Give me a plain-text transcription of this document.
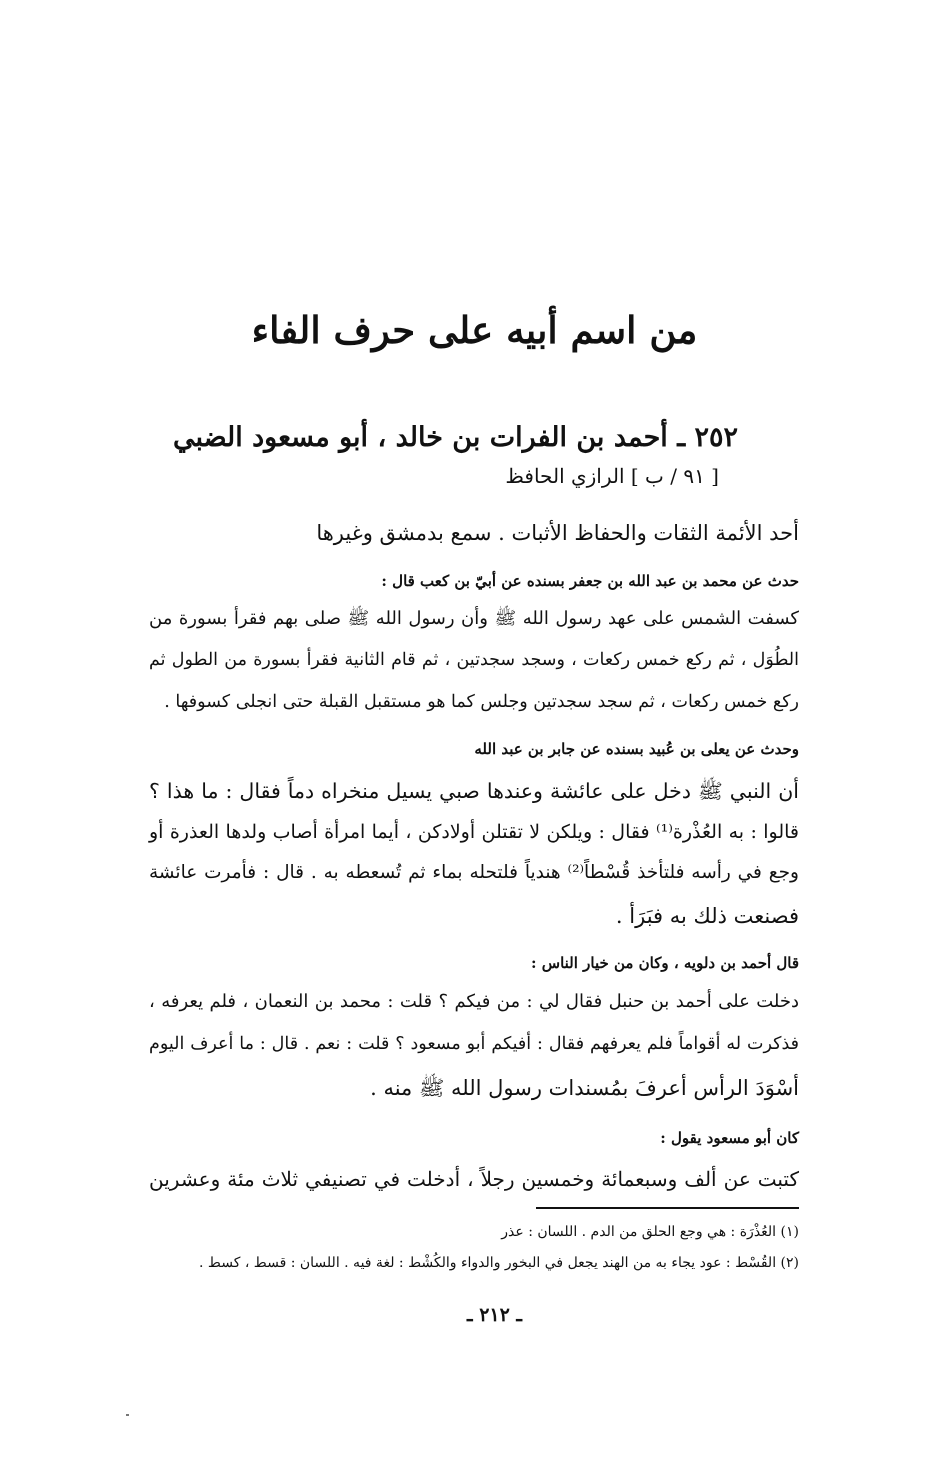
من اسم أبيه على حرف الفاء
٢٥٢ ـ أحمد بن الفرات بن خالد ، أبو مسعود الضبي
[ ٩١ / ب ] الرازي الحافظ
أحد الأئمة الثقات والحفاظ الأثبات . سمع بدمشق وغيرها
حدث عن محمد بن عبد الله بن جعفر بسنده عن أبيّ بن كعب قال :
كسفت الشمس على عهد رسول الله ﷺ وأن رسول الله ﷺ صلى بهم فقرأ بسورة من
الطُوَل ، ثم ركع خمس ركعات ، وسجد سجدتين ، ثم قام الثانية فقرأ بسورة من الطول ثم
ركع خمس ركعات ، ثم سجد سجدتين وجلس كما هو مستقبل القبلة حتى انجلى كسوفها .
وحدث عن يعلى بن عُبيد بسنده عن جابر بن عبد الله
أن النبي ﷺ دخل على عائشة وعندها صبي يسيل منخراه دماً فقال : ما هذا ؟
قالوا : به العُذْرة⁽¹⁾ فقال : ويلكن لا تقتلن أولادكن ، أيما امرأة أصاب ولدها العذرة أو
وجع في رأسه فلتأخذ قُسْطاً⁽²⁾ هندياً فلتحله بماء ثم تُسعطه به . قال : فأمرت عائشة
فصنعت ذلك به فبَرَأ .
قال أحمد بن دلويه ، وكان من خيار الناس :
دخلت على أحمد بن حنبل فقال لي : من فيكم ؟ قلت : محمد بن النعمان ، فلم يعرفه ،
فذكرت له أقواماً فلم يعرفهم فقال : أفيكم أبو مسعود ؟ قلت : نعم . قال : ما أعرف اليوم
أسْوَدَ الرأس أعرفَ بمُسندات رسول الله ﷺ منه .
كان أبو مسعود يقول :
كتبت عن ألف وسبعمائة وخمسين رجلاً ، أدخلت في تصنيفي ثلاث مئة وعشرين
(١) العُذْرَة : هي وجع الحلق من الدم . اللسان : عذر
(٢) القُسْط : عود يجاء به من الهند يجعل في البخور والدواء والكُشْط : لغة فيه . اللسان : قسط ، كسط .
ـ ٢١٢ ـ
